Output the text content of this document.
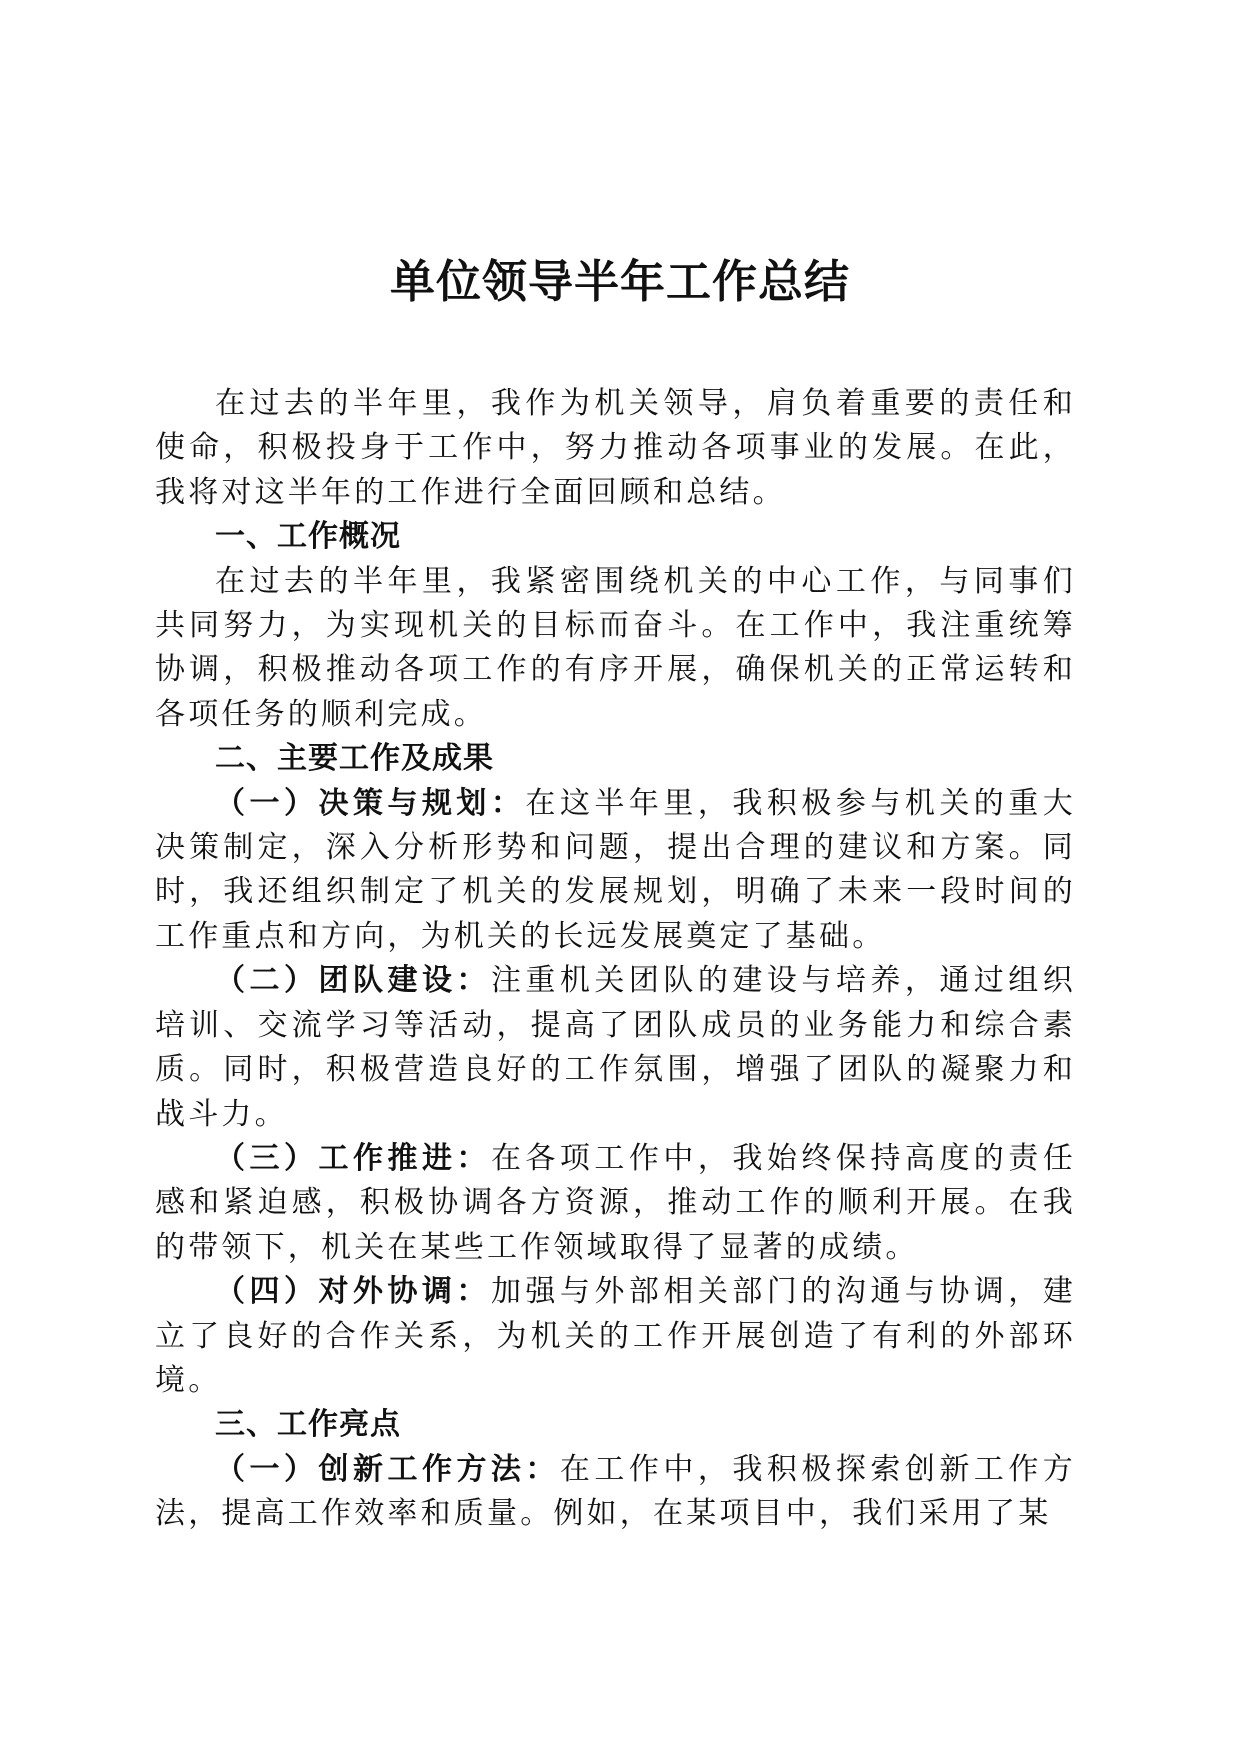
单位领导半年工作总结

在过去的半年里，我作为机关领导，肩负着重要的责任和使命，积极投身于工作中，努力推动各项事业的发展。在此，我将对这半年的工作进行全面回顾和总结。

一、工作概况

在过去的半年里，我紧密围绕机关的中心工作，与同事们共同努力，为实现机关的目标而奋斗。在工作中，我注重统筹协调，积极推动各项工作的有序开展，确保机关的正常运转和各项任务的顺利完成。

二、主要工作及成果

（一）决策与规划：在这半年里，我积极参与机关的重大决策制定，深入分析形势和问题，提出合理的建议和方案。同时，我还组织制定了机关的发展规划，明确了未来一段时间的工作重点和方向，为机关的长远发展奠定了基础。

（二）团队建设：注重机关团队的建设与培养，通过组织培训、交流学习等活动，提高了团队成员的业务能力和综合素质。同时，积极营造良好的工作氛围，增强了团队的凝聚力和战斗力。

（三）工作推进：在各项工作中，我始终保持高度的责任感和紧迫感，积极协调各方资源，推动工作的顺利开展。在我的带领下，机关在某些工作领域取得了显著的成绩。

（四）对外协调：加强与外部相关部门的沟通与协调，建立了良好的合作关系，为机关的工作开展创造了有利的外部环境。

三、工作亮点

（一）创新工作方法：在工作中，我积极探索创新工作方法，提高工作效率和质量。例如，在某项目中，我们采用了某
